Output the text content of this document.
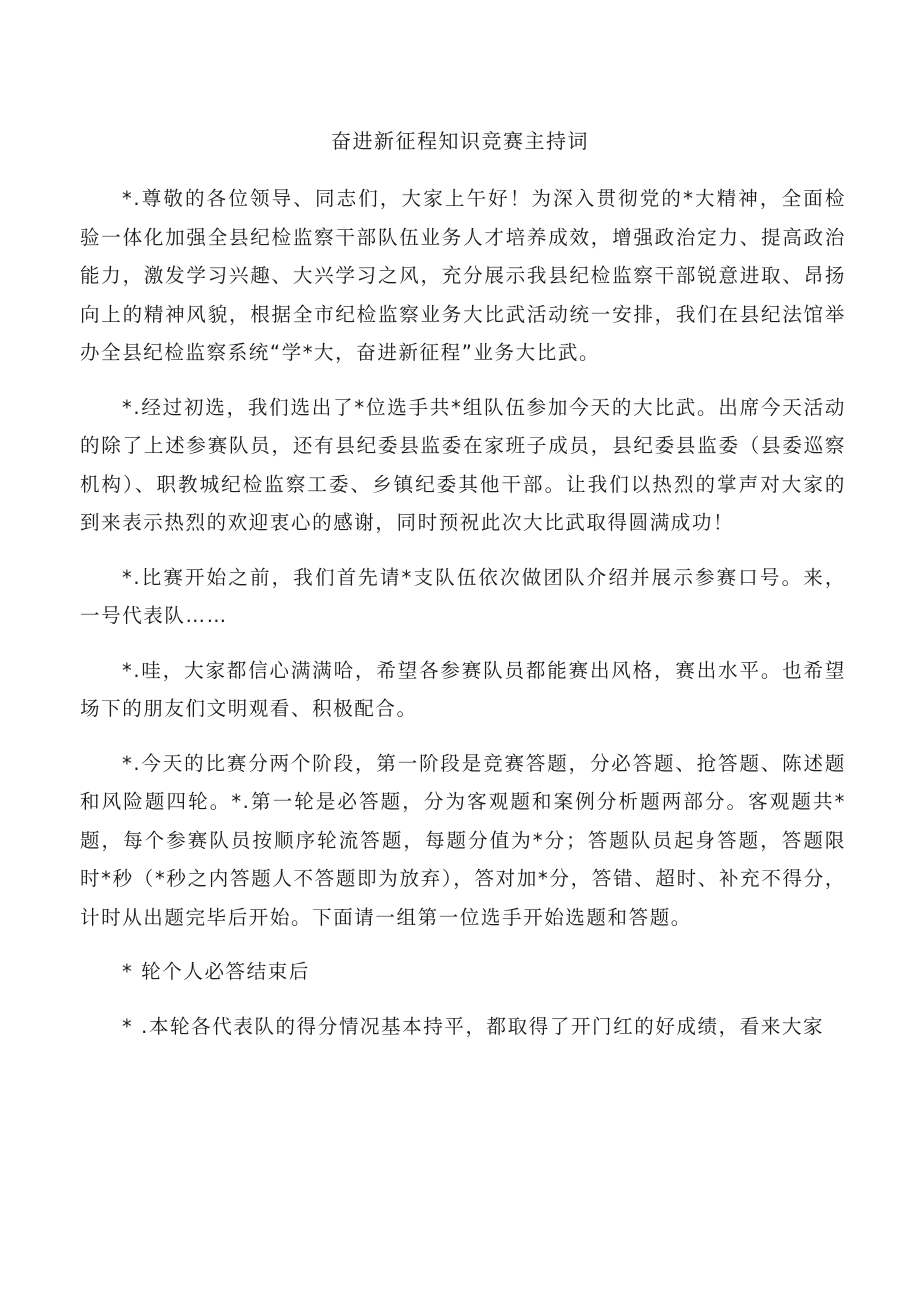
奋进新征程知识竞赛主持词

*.尊敬的各位领导、同志们，大家上午好！为深入贯彻党的*大精神，全面检验一体化加强全县纪检监察干部队伍业务人才培养成效，增强政治定力、提高政治能力，激发学习兴趣、大兴学习之风，充分展示我县纪检监察干部锐意进取、昂扬向上的精神风貌，根据全市纪检监察业务大比武活动统一安排，我们在县纪法馆举办全县纪检监察系统“学*大，奋进新征程”业务大比武。

*.经过初选，我们选出了*位选手共*组队伍参加今天的大比武。出席今天活动的除了上述参赛队员，还有县纪委县监委在家班子成员，县纪委县监委（县委巡察机构）、职教城纪检监察工委、乡镇纪委其他干部。让我们以热烈的掌声对大家的到来表示热烈的欢迎衷心的感谢，同时预祝此次大比武取得圆满成功！

*.比赛开始之前，我们首先请*支队伍依次做团队介绍并展示参赛口号。来，一号代表队……

*.哇，大家都信心满满哈，希望各参赛队员都能赛出风格，赛出水平。也希望场下的朋友们文明观看、积极配合。

*.今天的比赛分两个阶段，第一阶段是竞赛答题，分必答题、抢答题、陈述题和风险题四轮。*.第一轮是必答题，分为客观题和案例分析题两部分。客观题共*题，每个参赛队员按顺序轮流答题，每题分值为*分；答题队员起身答题，答题限时*秒（*秒之内答题人不答题即为放弃），答对加*分，答错、超时、补充不得分，计时从出题完毕后开始。下面请一组第一位选手开始选题和答题。

* 轮个人必答结束后

* .本轮各代表队的得分情况基本持平，都取得了开门红的好成绩，看来大家
